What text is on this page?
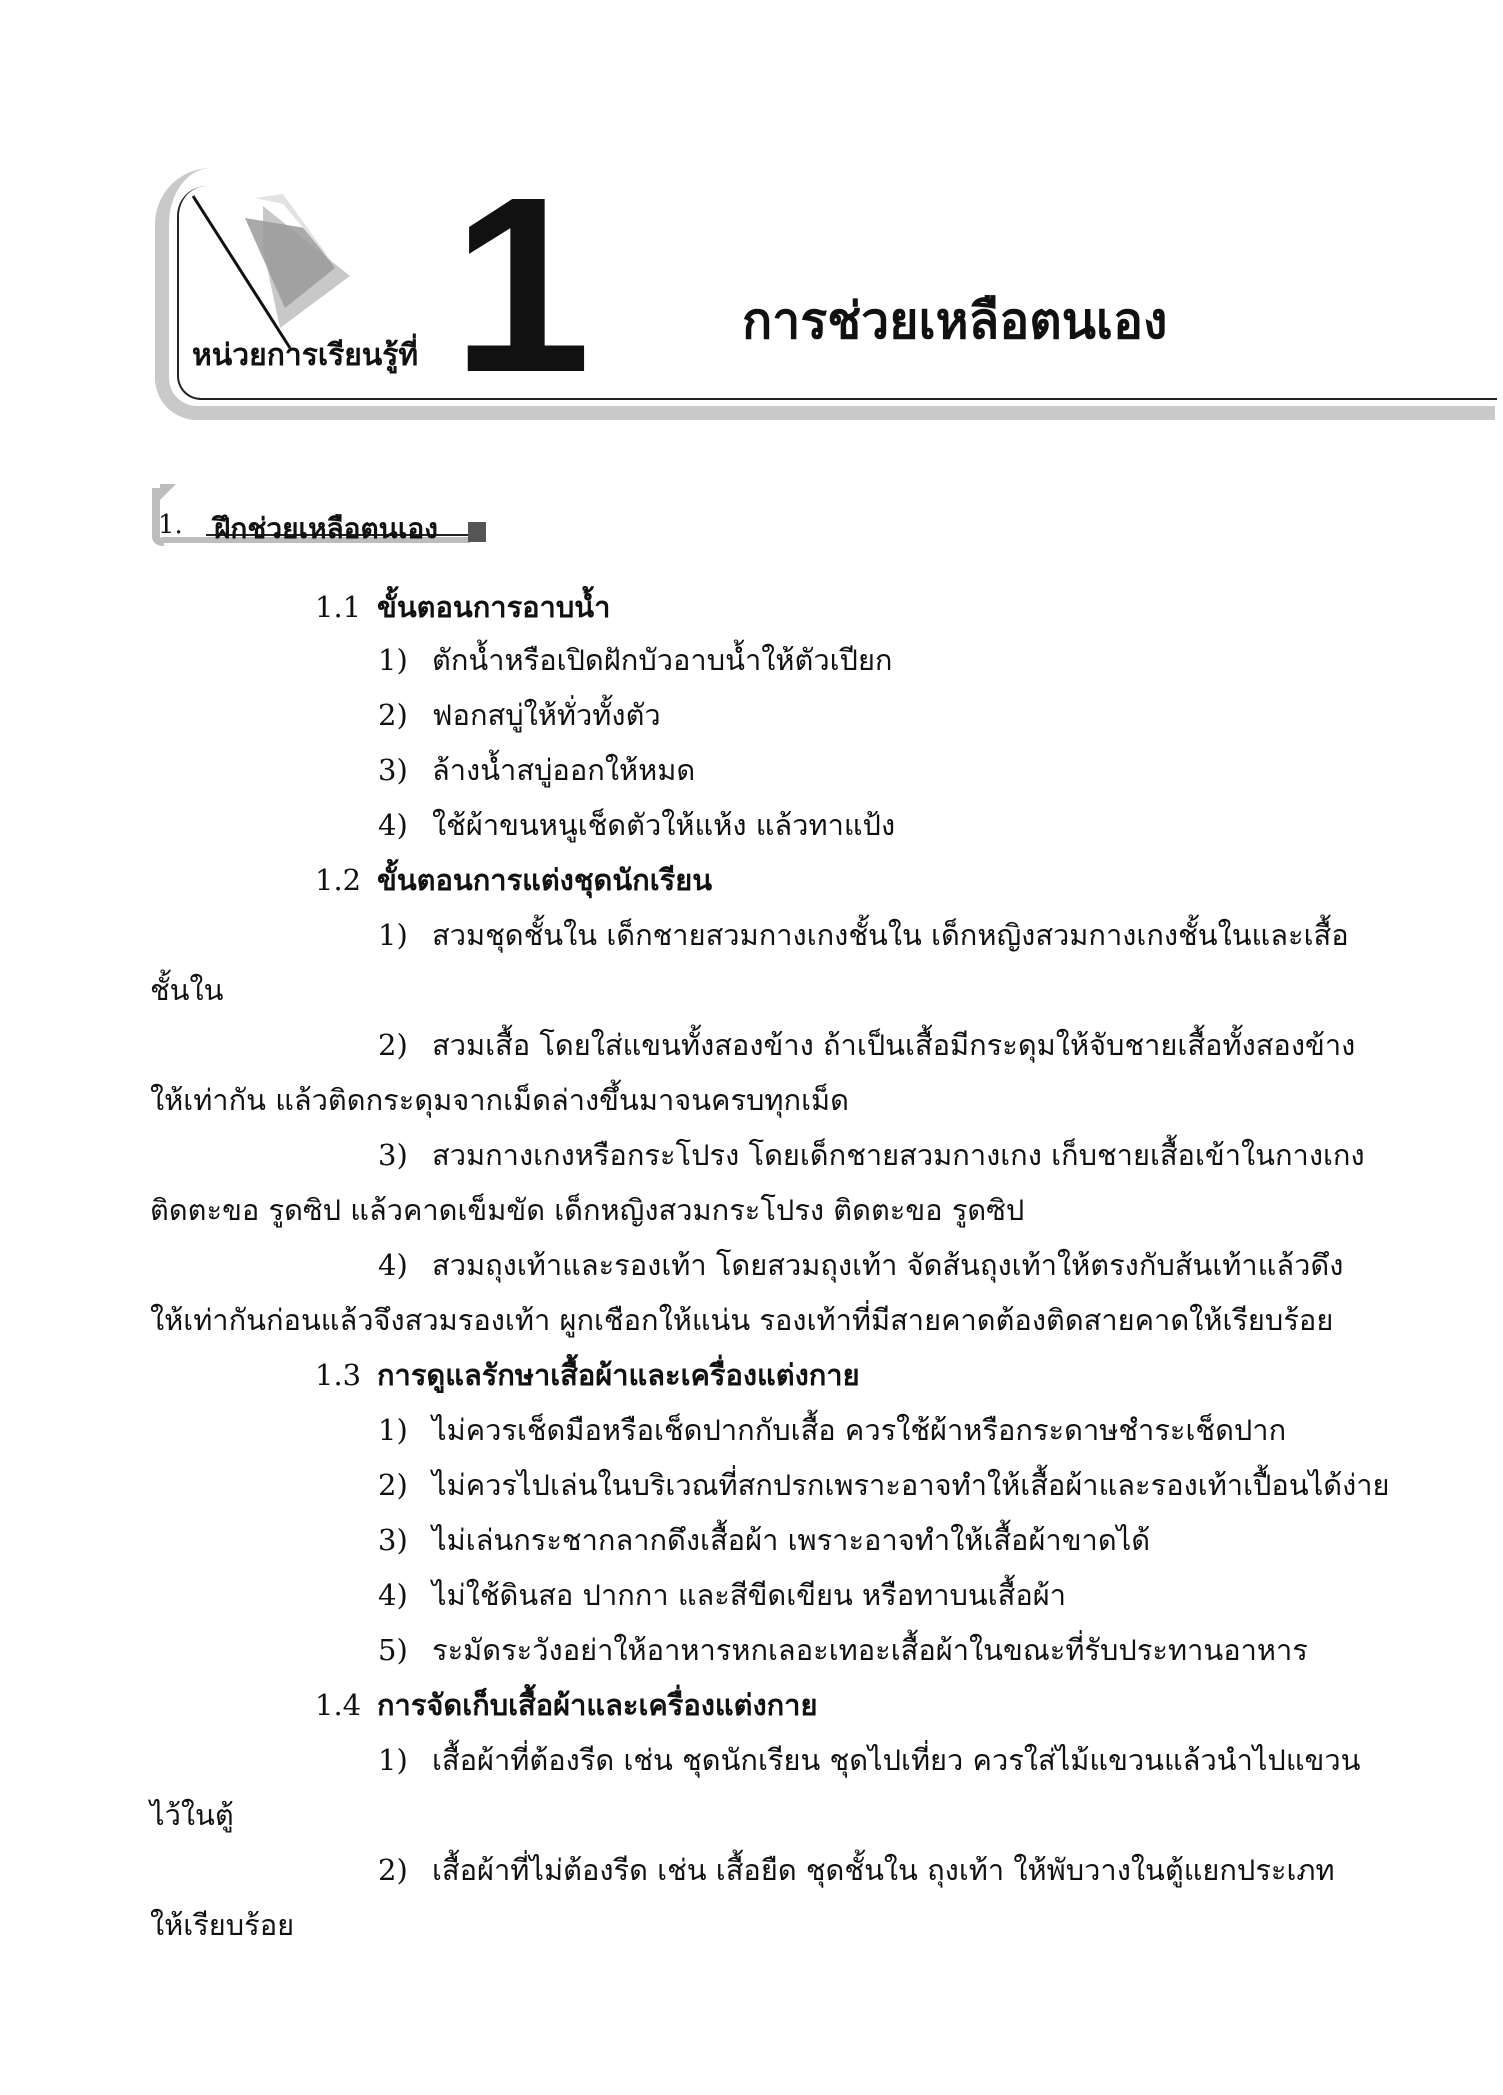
หน่วยการเรียนรู้ที่ 1	การช่วยเหลือตนเอง
1. ฝึกช่วยเหลือตนเอง
1.1 ขั้นตอนการอาบน้ำ
1) ตักน้ำหรือเปิดฝักบัวอาบน้ำให้ตัวเปียก
2) ฟอกสบู่ให้ทั่วทั้งตัว
3) ล้างน้ำสบู่ออกให้หมด
4) ใช้ผ้าขนหนูเช็ดตัวให้แห้ง แล้วทาแป้ง
1.2 ขั้นตอนการแต่งชุดนักเรียน
1) สวมชุดชั้นใน เด็กชายสวมกางเกงชั้นใน เด็กหญิงสวมกางเกงชั้นในและเสื้อ
ชั้นใน
2) สวมเสื้อ โดยใส่แขนทั้งสองข้าง ถ้าเป็นเสื้อมีกระดุมให้จับชายเสื้อทั้งสองข้าง
ให้เท่ากัน แล้วติดกระดุมจากเม็ดล่างขึ้นมาจนครบทุกเม็ด
3) สวมกางเกงหรือกระโปรง โดยเด็กชายสวมกางเกง เก็บชายเสื้อเข้าในกางเกง
ติดตะขอ รูดซิป แล้วคาดเข็มขัด เด็กหญิงสวมกระโปรง ติดตะขอ รูดซิป
4) สวมถุงเท้าและรองเท้า โดยสวมถุงเท้า จัดส้นถุงเท้าให้ตรงกับส้นเท้าแล้วดึง
ให้เท่ากันก่อนแล้วจึงสวมรองเท้า ผูกเชือกให้แน่น รองเท้าที่มีสายคาดต้องติดสายคาดให้เรียบร้อย
1.3 การดูแลรักษาเสื้อผ้าและเครื่องแต่งกาย
1) ไม่ควรเช็ดมือหรือเช็ดปากกับเสื้อ ควรใช้ผ้าหรือกระดาษชำระเช็ดปาก
2) ไม่ควรไปเล่นในบริเวณที่สกปรกเพราะอาจทำให้เสื้อผ้าและรองเท้าเปื้อนได้ง่าย
3) ไม่เล่นกระชากลากดึงเสื้อผ้า เพราะอาจทำให้เสื้อผ้าขาดได้
4) ไม่ใช้ดินสอ ปากกา และสีขีดเขียน หรือทาบนเสื้อผ้า
5) ระมัดระวังอย่าให้อาหารหกเลอะเทอะเสื้อผ้าในขณะที่รับประทานอาหาร
1.4 การจัดเก็บเสื้อผ้าและเครื่องแต่งกาย
1) เสื้อผ้าที่ต้องรีด เช่น ชุดนักเรียน ชุดไปเที่ยว ควรใส่ไม้แขวนแล้วนำไปแขวน
ไว้ในตู้
2) เสื้อผ้าที่ไม่ต้องรีด เช่น เสื้อยืด ชุดชั้นใน ถุงเท้า ให้พับวางในตู้แยกประเภท
ให้เรียบร้อย
